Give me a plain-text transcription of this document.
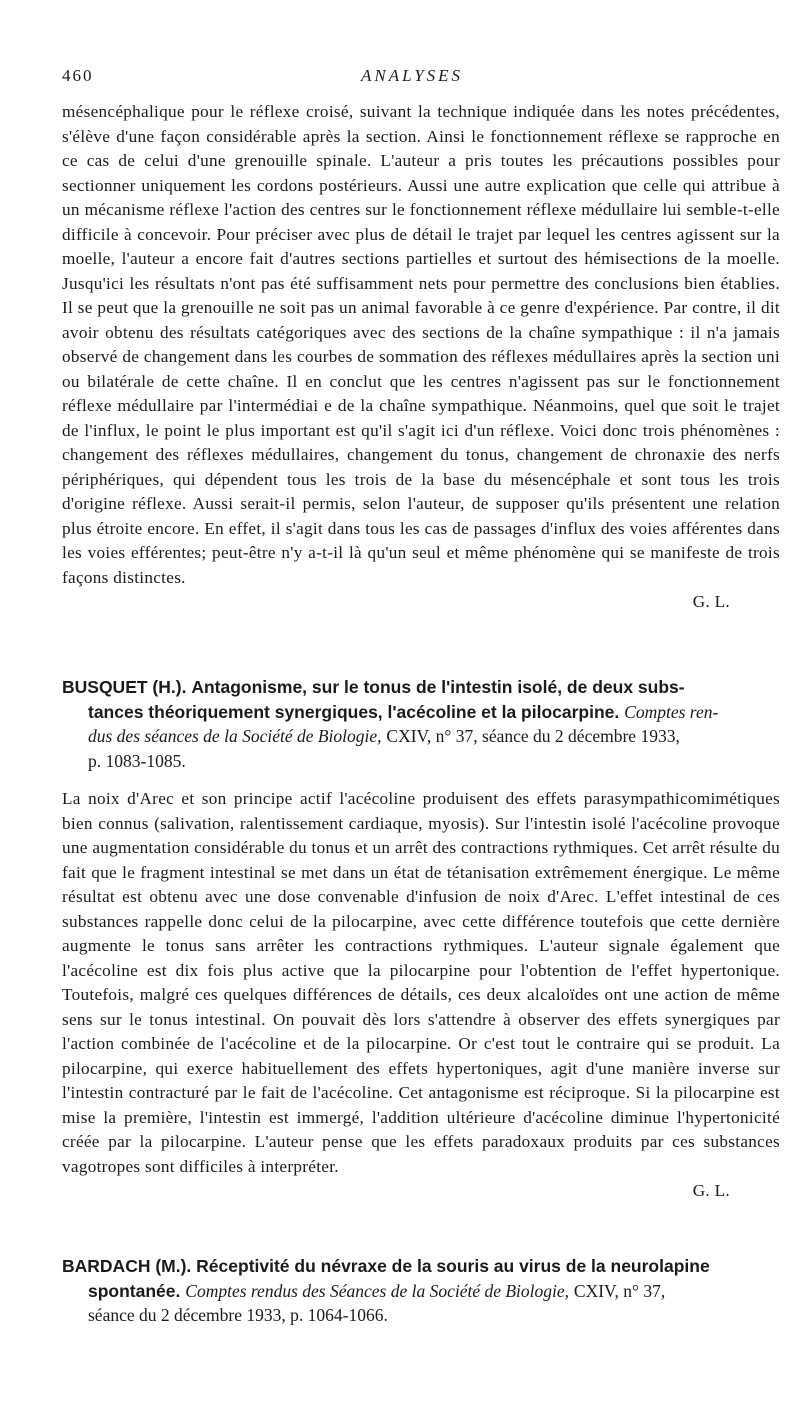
460	ANALYSES

mésencéphalique pour le réflexe croisé, suivant la technique indiquée dans les notes précédentes, s'élève d'une façon considérable après la section. Ainsi le fonctionnement réflexe se rapproche en ce cas de celui d'une grenouille spinale. L'auteur a pris toutes les précautions possibles pour sectionner uniquement les cordons postérieurs. Aussi une autre explication que celle qui attribue à un mécanisme réflexe l'action des centres sur le fonctionnement réflexe médullaire lui semble-t-elle difficile à concevoir. Pour préciser avec plus de détail le trajet par lequel les centres agissent sur la moelle, l'auteur a encore fait d'autres sections partielles et surtout des hémisections de la moelle. Jusqu'ici les résultats n'ont pas été suffisamment nets pour permettre des conclusions bien établies. Il se peut que la grenouille ne soit pas un animal favorable à ce genre d'expérience. Par contre, il dit avoir obtenu des résultats catégoriques avec des sections de la chaîne sympathique : il n'a jamais observé de changement dans les courbes de sommation des réflexes médullaires après la section uni ou bilatérale de cette chaîne. Il en conclut que les centres n'agissent pas sur le fonctionnement réflexe médullaire par l'intermédiai e de la chaîne sympathique. Néanmoins, quel que soit le trajet de l'influx, le point le plus important est qu'il s'agit ici d'un réflexe. Voici donc trois phénomènes : changement des réflexes médullaires, changement du tonus, changement de chronaxie des nerfs périphériques, qui dépendent tous les trois de la base du mésencéphale et sont tous les trois d'origine réflexe. Aussi serait-il permis, selon l'auteur, de supposer qu'ils présentent une relation plus étroite encore. En effet, il s'agit dans tous les cas de passages d'influx des voies afférentes dans les voies efférentes; peut-être n'y a-t-il là qu'un seul et même phénomène qui se manifeste de trois façons distinctes.

G. L.
BUSQUET (H.). Antagonisme, sur le tonus de l'intestin isolé, de deux subs-
tances théoriquement synergiques, l'acécoline et la pilocarpine. Comptes ren-
dus des séances de la Société de Biologie, CXIV, n° 37, séance du 2 décembre 1933,
p. 1083-1085.

La noix d'Arec et son principe actif l'acécoline produisent des effets parasympathicomimétiques bien connus (salivation, ralentissement cardiaque, myosis). Sur l'intestin isolé l'acécoline provoque une augmentation considérable du tonus et un arrêt des contractions rythmiques. Cet arrêt résulte du fait que le fragment intestinal se met dans un état de tétanisation extrêmement énergique. Le même résultat est obtenu avec une dose convenable d'infusion de noix d'Arec. L'effet intestinal de ces substances rappelle donc celui de la pilocarpine, avec cette différence toutefois que cette dernière augmente le tonus sans arrêter les contractions rythmiques. L'auteur signale également que l'acécoline est dix fois plus active que la pilocarpine pour l'obtention de l'effet hypertonique. Toutefois, malgré ces quelques différences de détails, ces deux alcaloïdes ont une action de même sens sur le tonus intestinal. On pouvait dès lors s'attendre à observer des effets synergiques par l'action combinée de l'acécoline et de la pilocarpine. Or c'est tout le contraire qui se produit. La pilocarpine, qui exerce habituellement des effets hypertoniques, agit d'une manière inverse sur l'intestin contracturé par le fait de l'acécoline. Cet antagonisme est réciproque. Si la pilocarpine est mise la première, l'intestin est immergé, l'addition ultérieure d'acécoline diminue l'hypertonicité créée par la pilocarpine. L'auteur pense que les effets paradoxaux produits par ces substances vagotropes sont difficiles à interpréter.

G. L.
BARDACH (M.). Réceptivité du névraxe de la souris au virus de la neurolapine
spontanée. Comptes rendus des Séances de la Société de Biologie, CXIV, n° 37,
séance du 2 décembre 1933, p. 1064-1066.
